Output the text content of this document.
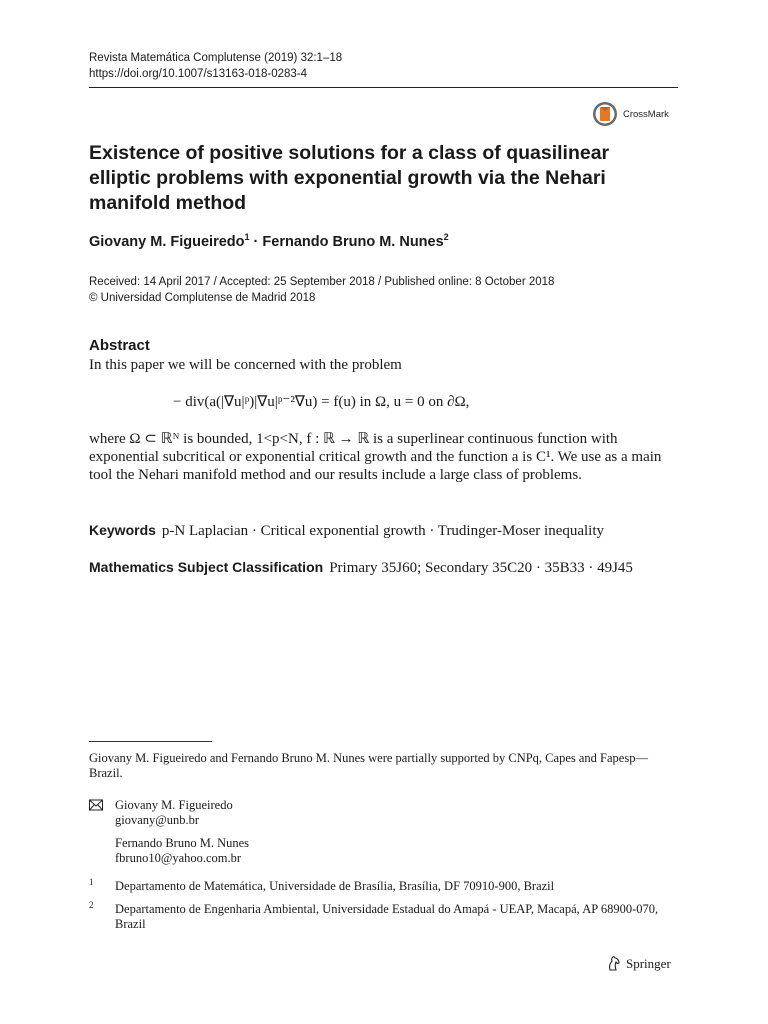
Revista Matemática Complutense (2019) 32:1–18
https://doi.org/10.1007/s13163-018-0283-4
CrossMark
Existence of positive solutions for a class of quasilinear elliptic problems with exponential growth via the Nehari manifold method
Giovany M. Figueiredo$^1$ · Fernando Bruno M. Nunes$^2$
Received: 14 April 2017 / Accepted: 25 September 2018 / Published online: 8 October 2018
© Universidad Complutense de Madrid 2018
Abstract
In this paper we will be concerned with the problem
− div(a(|∇u|ᵖ)|∇u|ᵖ⁻²∇u) = f(u) in Ω, u = 0 on ∂Ω,
where Ω ⊂ ℝᴺ is bounded, 1<p<N, f : ℝ → ℝ is a superlinear continuous function with exponential subcritical or exponential critical growth and the function a is C¹. We use as a main tool the Nehari manifold method and our results include a large class of problems.
Keywords p-N Laplacian · Critical exponential growth · Trudinger-Moser inequality
Mathematics Subject Classification Primary 35J60; Secondary 35C20 · 35B33 · 49J45
Giovany M. Figueiredo and Fernando Bruno M. Nunes were partially supported by CNPq, Capes and Fapesp—Brazil.
Giovany M. Figueiredo
giovany@unb.br
Fernando Bruno M. Nunes
fbruno10@yahoo.com.br
1 Departamento de Matemática, Universidade de Brasília, Brasília, DF 70910-900, Brazil
2 Departamento de Engenharia Ambiental, Universidade Estadual do Amapá - UEAP, Macapá, AP 68900-070, Brazil
Springer
